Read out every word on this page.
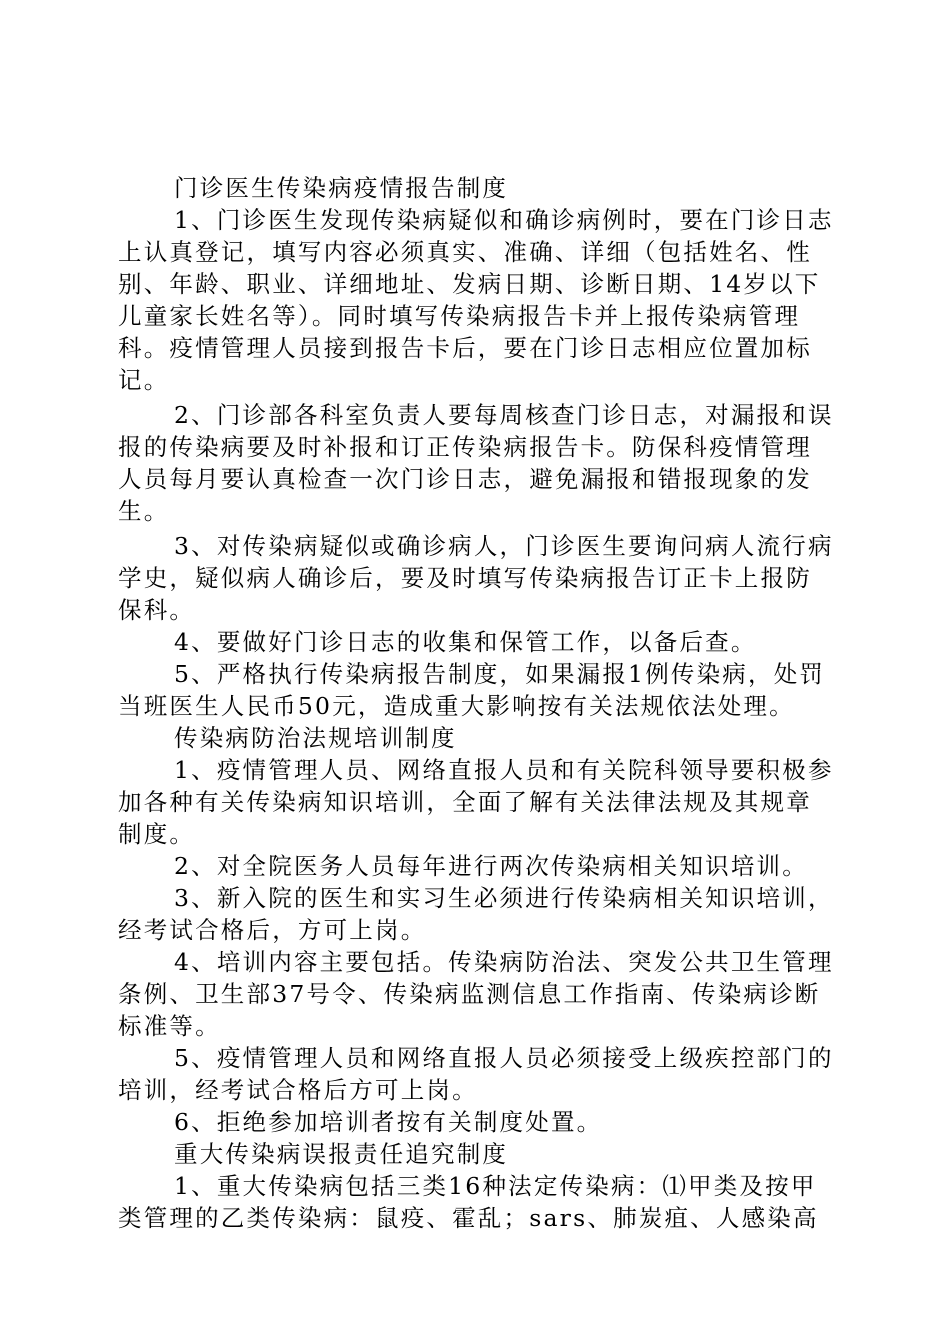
门诊医生传染病疫情报告制度
1、门诊医生发现传染病疑似和确诊病例时，要在门诊日志
上认真登记，填写内容必须真实、准确、详细（包括姓名、性
别、年龄、职业、详细地址、发病日期、诊断日期、14岁以下
儿童家长姓名等）。同时填写传染病报告卡并上报传染病管理
科。疫情管理人员接到报告卡后，要在门诊日志相应位置加标
记。
2、门诊部各科室负责人要每周核查门诊日志，对漏报和误
报的传染病要及时补报和订正传染病报告卡。防保科疫情管理
人员每月要认真检查一次门诊日志，避免漏报和错报现象的发
生。
3、对传染病疑似或确诊病人，门诊医生要询问病人流行病
学史，疑似病人确诊后，要及时填写传染病报告订正卡上报防
保科。
4、要做好门诊日志的收集和保管工作，以备后查。
5、严格执行传染病报告制度，如果漏报1例传染病，处罚
当班医生人民币50元，造成重大影响按有关法规依法处理。
传染病防治法规培训制度
1、疫情管理人员、网络直报人员和有关院科领导要积极参
加各种有关传染病知识培训，全面了解有关法律法规及其规章
制度。
2、对全院医务人员每年进行两次传染病相关知识培训。
3、新入院的医生和实习生必须进行传染病相关知识培训，
经考试合格后，方可上岗。
4、培训内容主要包括。传染病防治法、突发公共卫生管理
条例、卫生部37号令、传染病监测信息工作指南、传染病诊断
标准等。
5、疫情管理人员和网络直报人员必须接受上级疾控部门的
培训，经考试合格后方可上岗。
6、拒绝参加培训者按有关制度处置。
重大传染病误报责任追究制度
1、重大传染病包括三类16种法定传染病：⑴甲类及按甲
类管理的乙类传染病：鼠疫、霍乱；sars、肺炭疽、人感染高
